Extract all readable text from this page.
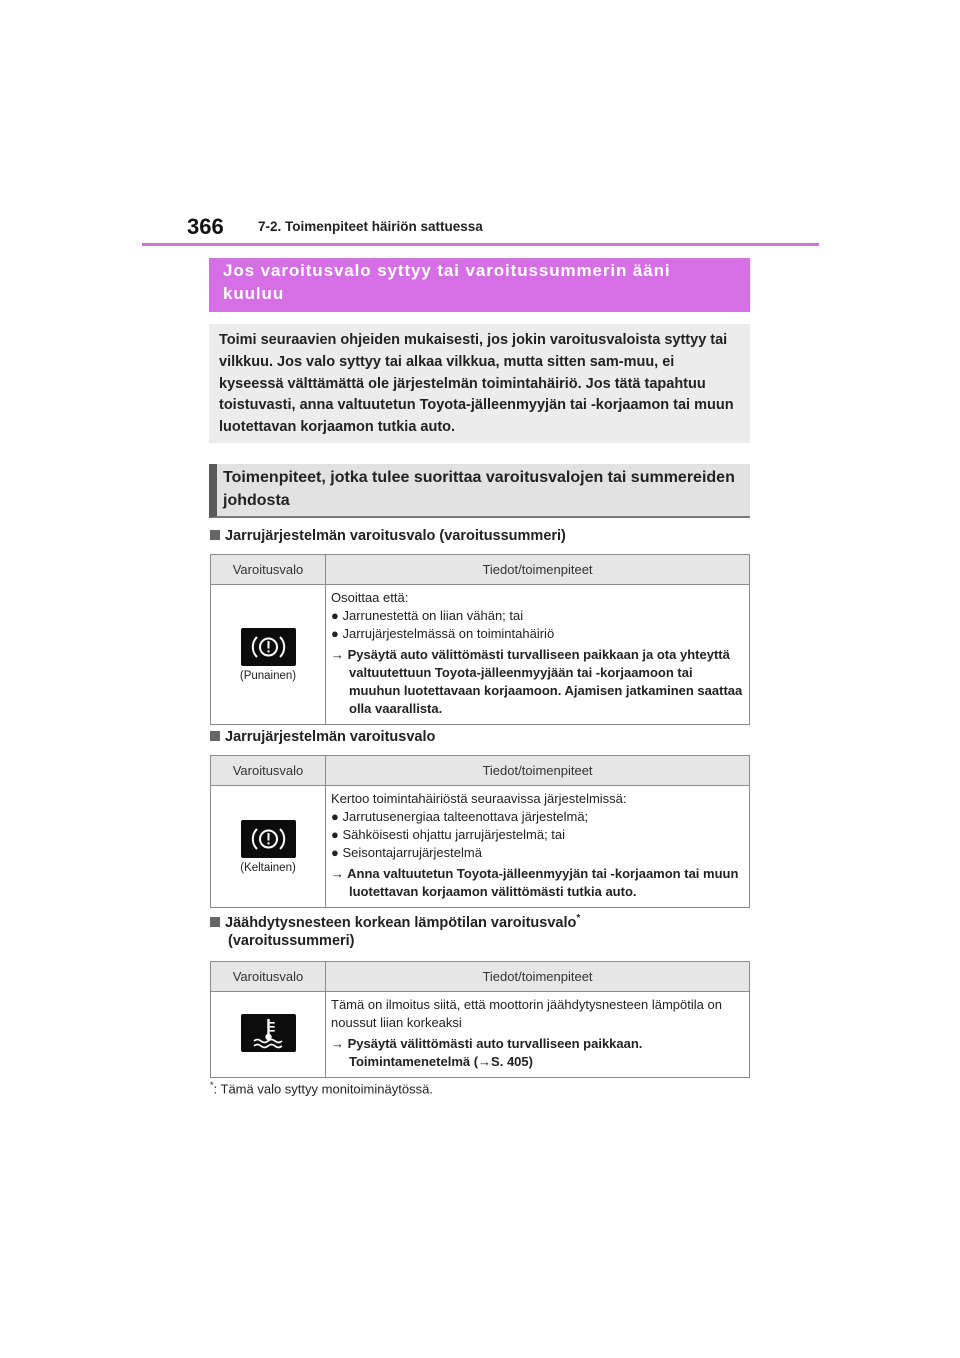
366	7-2. Toimenpiteet häiriön sattuessa
Jos varoitusvalo syttyy tai varoitussummerin ääni kuuluu
Toimi seuraavien ohjeiden mukaisesti, jos jokin varoitusvaloista syttyy tai vilkkuu. Jos valo syttyy tai alkaa vilkkua, mutta sitten sam-muu, ei kyseessä välttämättä ole järjestelmän toimintahäiriö. Jos tätä tapahtuu toistuvasti, anna valtuutetun Toyota-jälleenmyyjän tai -korjaamon tai muun luotettavan korjaamon tutkia auto.
Toimenpiteet, jotka tulee suorittaa varoitusvalojen tai summereiden johdosta
Jarrujärjestelmän varoitusvalo (varoitussummeri)
Varoitusvalo	Tiedot/toimenpiteet

(Punainen)	Osoittaa että:
● Jarrunestettä on liian vähän; tai
● Jarrujärjestelmässä on toimintahäiriö
→ Pysäytä auto välittömästi turvalliseen paikkaan ja ota yhteyttä valtuutettuun Toyota-jälleenmyyjään tai -korjaamoon tai muuhun luotettavaan korjaamoon. Ajamisen jatkaminen saattaa olla vaarallista.
Jarrujärjestelmän varoitusvalo
Varoitusvalo	Tiedot/toimenpiteet

(Keltainen)	Kertoo toimintahäiriöstä seuraavissa järjestelmissä:
● Jarrutusenergiaa talteenottava järjestelmä;
● Sähköisesti ohjattu jarrujärjestelmä; tai
● Seisontajarrujärjestelmä
→ Anna valtuutetun Toyota-jälleenmyyjän tai -korjaamon tai muun luotettavan korjaamon välittömästi tutkia auto.
Jäähdytysnesteen korkean lämpötilan varoitusvalo*
(varoitussummeri)
Varoitusvalo	Tiedot/toimenpiteet

Tämä on ilmoitus siitä, että moottorin jäähdytysnesteen lämpötila on noussut liian korkeaksi
→ Pysäytä välittömästi auto turvalliseen paikkaan. Toimintamenetelmä (→S. 405)
*: Tämä valo syttyy monitoiminäytössä.
